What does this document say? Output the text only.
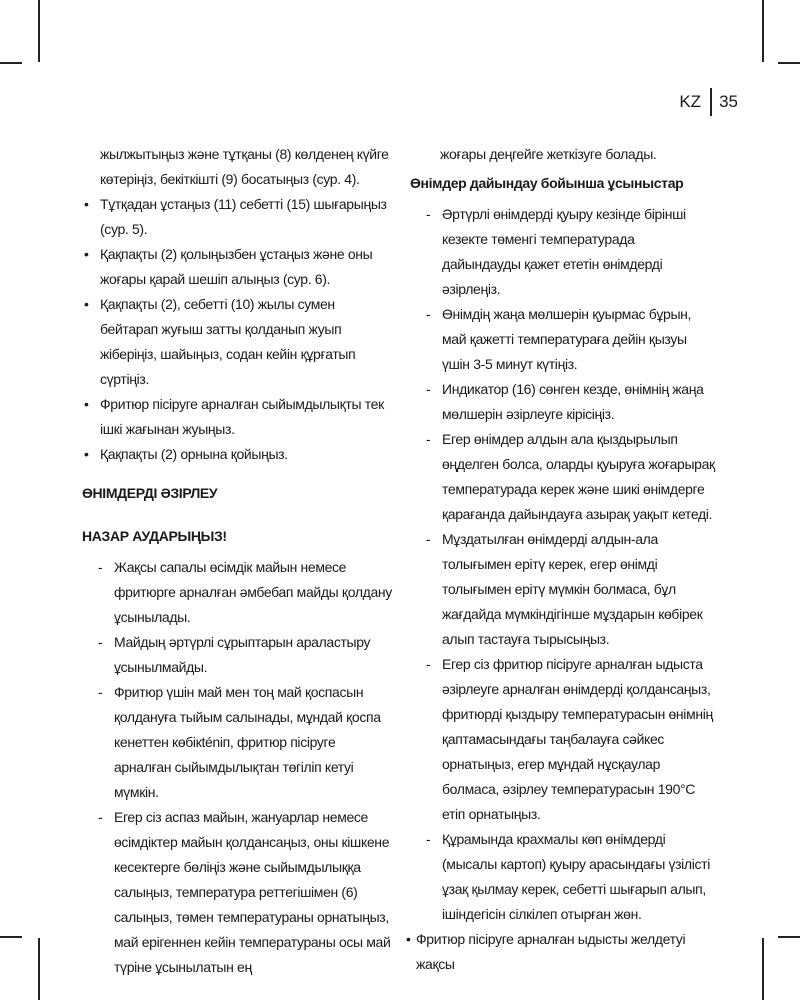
KZ 35

жылжытыңыз және тұтқаны (8) көлденең күйге көтеріңіз, бекіткішті (9) босатыңыз (сур. 4).

• Тұтқадан ұстаңыз (11) себетті (15) шығарыңыз (сур. 5).
• Қақпақты (2) қолыңызбен ұстаңыз және оны жоғары қарай шешіп алыңыз (сур. 6).
• Қақпақты (2), себетті (10) жылы сумен бейтарап жуғыш затты қолданып жуып жіберіңіз, шайыңыз, содан кейін құрғатып сүртіңіз.
• Фритюр пісіруге арналған сыйымдылықты тек ішкі жағынан жуыңыз.
• Қақпақты (2) орнына қойыңыз.

ӨНІМДЕРДІ ӘЗІРЛЕУ

НАЗАР АУДАРЫҢЫЗ!

- Жақсы сапалы өсімдік майын немесе фритюрге арналған әмбебап майды қолдану ұсынылады.
- Майдың әртүрлі сұрыптарын араластыру ұсынылмайды.
- Фритюр үшін май мен тоң май қоспасын қолдануға тыйым салынады, мұндай қоспа кенеттен көбікténiп, фритюр пісіруге арналған сыйымдылықтан төгіліп кетуі мүмкін.
- Егер сіз аспаз майын, жануарлар немесе өсімдіктер майын қолдансаңыз, оны кішкене кесектерге бөліңіз және сыйымдылыққа салыңыз, температура реттегішімен (6) салыңыз, төмен температураны орнатыңыз, май ерігеннен кейін температураны осы май түріне ұсынылатын ең

жоғары деңгейге жеткізуге болады.

Өнімдер дайындау бойынша ұсыныстар

- Әртүрлі өнімдерді қуыру кезінде бірінші кезекте төменгі температурада дайындауды қажет ететін өнімдерді әзірлеңіз.
- Өнімдің жаңа мөлшерін қуырмас бұрын, май қажетті температураға дейін қызуы үшін 3-5 минут күтіңіз.
- Индикатор (16) сөнген кезде, өнімнің жаңа мөлшерін әзірлеуге кірісіңіз.
- Егер өнімдер алдын ала қыздырылып өңделген болса, оларды қуыруға жоғарырақ температурада керек және шикі өнімдерге қарағанда дайындауға азырақ уақыт кетеді.
- Мұздатылған өнімдерді алдын-ала толығымен ерітү керек, егер өнімді толығымен ерітү мүмкін болмаса, бұл жағдайда мүмкіндігінше мұздарын көбірек алып тастауға тырысыңыз.
- Егер сіз фритюр пісіруге арналған ыдыста әзірлеуге арналған өнімдерді қолдансаңыз, фритюрді қыздыру температурасын өнімнің қаптамасындағы таңбалауға сәйкес орнатыңыз, егер мұндай нұсқаулар болмаса, әзірлеу температурасын 190°С етіп орнатыңыз.
- Құрамында крахмалы көп өнімдерді (мысалы картоп) қуыру арасындағы үзілісті ұзақ қылмау керек, себетті шығарып алып, ішіндегісін сілкілеп отырған жөн.

• Фритюр пісіруге арналған ыдысты желдетуі жақсы
